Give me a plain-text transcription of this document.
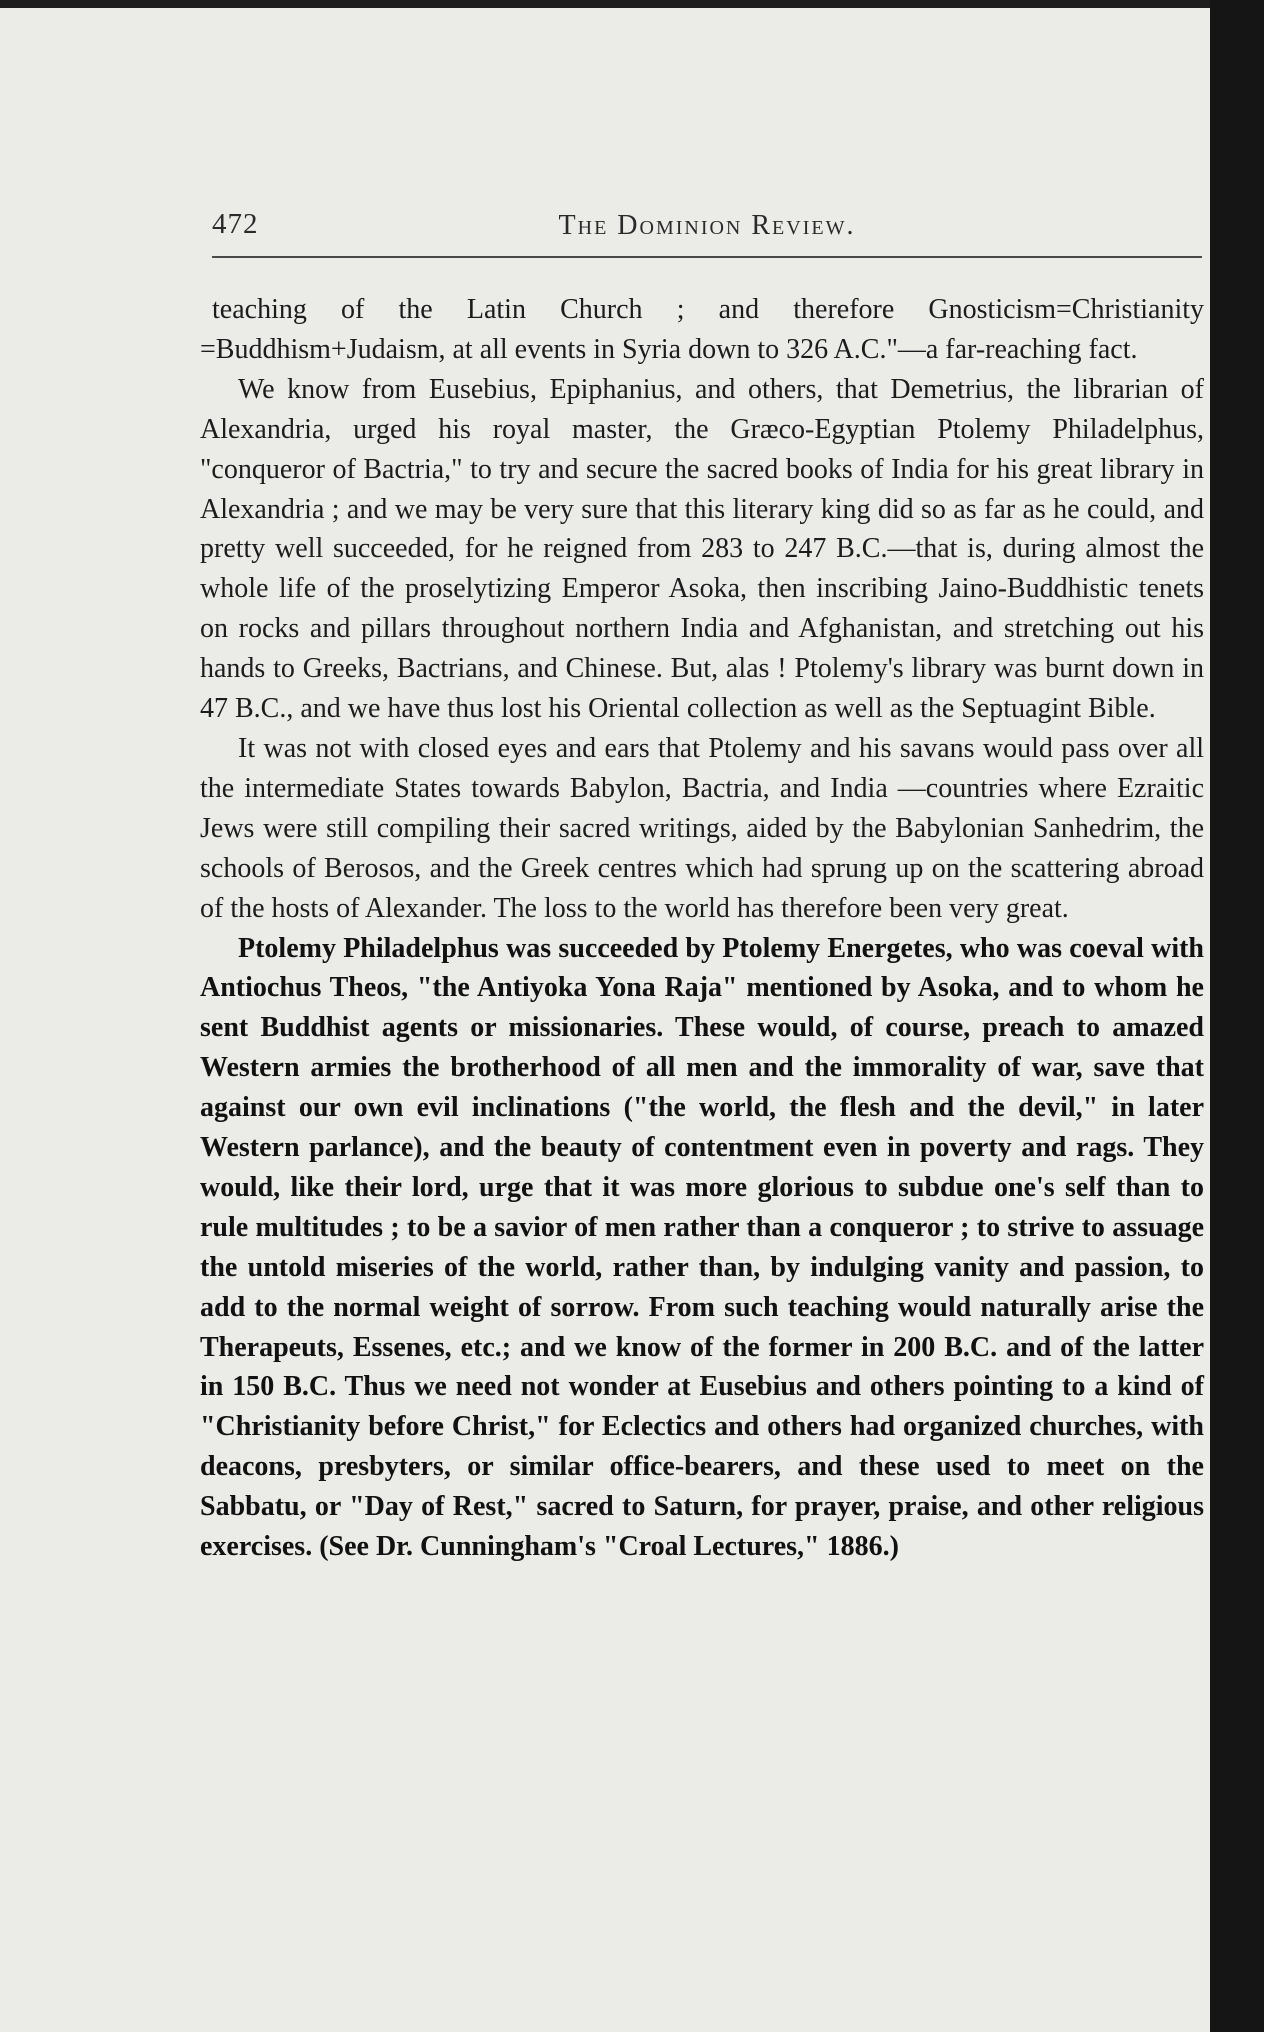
472	The Dominion Review.

teaching of the Latin Church ; and therefore Gnosticism=Christianity =Buddhism+Judaism, at all events in Syria down to 326 A.C."—a far-reaching fact.

We know from Eusebius, Epiphanius, and others, that Demetrius, the librarian of Alexandria, urged his royal master, the Græco-Egyptian Ptolemy Philadelphus, "conqueror of Bactria," to try and secure the sacred books of India for his great library in Alexandria ; and we may be very sure that this literary king did so as far as he could, and pretty well succeeded, for he reigned from 283 to 247 B.C.—that is, during almost the whole life of the proselytizing Emperor Asoka, then inscribing Jaino-Buddhistic tenets on rocks and pillars throughout northern India and Afghanistan, and stretching out his hands to Greeks, Bactrians, and Chinese. But, alas ! Ptolemy's library was burnt down in 47 B.C., and we have thus lost his Oriental collection as well as the Septuagint Bible.

It was not with closed eyes and ears that Ptolemy and his savans would pass over all the intermediate States towards Babylon, Bactria, and India —countries where Ezraitic Jews were still compiling their sacred writings, aided by the Babylonian Sanhedrim, the schools of Berosos, and the Greek centres which had sprung up on the scattering abroad of the hosts of Alexander. The loss to the world has therefore been very great.

Ptolemy Philadelphus was succeeded by Ptolemy Energetes, who was coeval with Antiochus Theos, "the Antiyoka Yona Raja" mentioned by Asoka, and to whom he sent Buddhist agents or missionaries. These would, of course, preach to amazed Western armies the brotherhood of all men and the immorality of war, save that against our own evil inclinations ("the world, the flesh and the devil," in later Western parlance), and the beauty of contentment even in poverty and rags. They would, like their lord, urge that it was more glorious to subdue one's self than to rule multitudes ; to be a savior of men rather than a conqueror ; to strive to assuage the untold miseries of the world, rather than, by indulging vanity and passion, to add to the normal weight of sorrow. From such teaching would naturally arise the Therapeuts, Essenes, etc.; and we know of the former in 200 B.C. and of the latter in 150 B.C. Thus we need not wonder at Eusebius and others pointing to a kind of "Christianity before Christ," for Eclectics and others had organized churches, with deacons, presbyters, or similar office-bearers, and these used to meet on the Sabbatu, or "Day of Rest," sacred to Saturn, for prayer, praise, and other religious exercises. (See Dr. Cunningham's "Croal Lectures," 1886.)
